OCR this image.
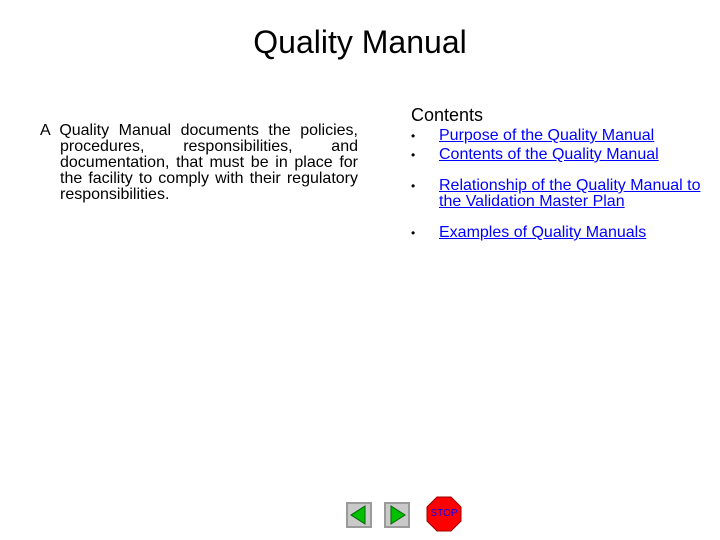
Quality Manual

A Quality Manual documents the policies, procedures, responsibilities, and documentation, that must be in place for the facility to comply with their regulatory responsibilities.

Contents
• Purpose of the Quality Manual
• Contents of the Quality Manual
• Relationship of the Quality Manual to the Validation Master Plan
• Examples of Quality Manuals
STOP
